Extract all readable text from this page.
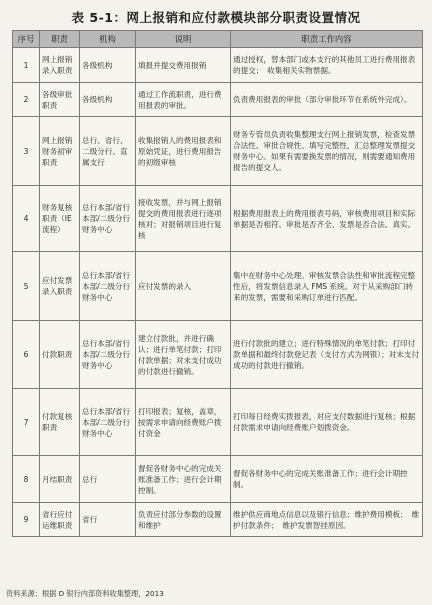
表 5-1：网上报销和应付款模块部分职责设置情况
序号	职责	机构	说明	职责工作内容
1	网上报销录入职责	各级机构	填报并提交费用报销	通过授权，替本部门或本支行的其他员工进行费用报表的提交；　收集相关实物票据。
2	各级审批职责	各级机构	通过工作流职责，进行费用报表的审批。	负责费用报表的审批（部分审批环节在系统外完成）。
3	网上报销财务初审职责	总行、省行、二级分行、直属支行	收集报销人的费用报表和原始凭证，进行费用报告的初级审核	财务专管员负责收集整理支行网上报销发票，检查发票合法性、审批合规性、填写完整性，汇总整理发票提交财务中心。如果有需要换发票的情况，则需要通知费用报告的提交人。
4	财务复核职责（IE流程）	总行本部/省行本部/二级分行财务中心	接收发票，并与网上报销提交的费用报表进行逐项核对；对报销项目进行复核	根据费用报表上的费用报表号码，审核费用项目和实际单据是否相符、审批是否齐全、发票是否合法、真实。
5	应付发票录入职责	总行本部/省行本部/二级分行财务中心	应付发票的录入	集中在财务中心处理。审核发票合法性和审批流程完整性后，将发票信息录入 FMS 系统。对于从采购部门转来的发票，需要和采购订单进行匹配。
6	付款职责	总行本部/省行本部/二级分行财务中心	建立付款批，并进行确认；进行单笔付款；打印付款单据；对未支付成功的付款进行撤销。	进行付款批的建立；进行特殊情况的单笔付款；打印付款单据和最终付款登记表（支付方式为网银）；对未支付成功的付款进行撤销。
7	付款复核职责	总行本部/省行本部/二级分行财务中心	打印报表；复核，盖章，按需求申请向经费账户拨付资金	打印每日经费实拨报表，对应支付数据进行复核；根据付款需求申请向经费账户划拨资金。
8	月结职责	总行	督促各财务中心的完成关账准备工作；进行会计期控制。	督促各财务中心的完成关账准备工作；进行会计期控制。
9	省行应付运维职责	省行	负责应付部分参数的设置和维护	维护供应商地点信息以及银行信息；维护费用模板；　维护付款条件；　维护发票智挂原因。
资料来源：根据 D 银行内部资料收集整理，2013
